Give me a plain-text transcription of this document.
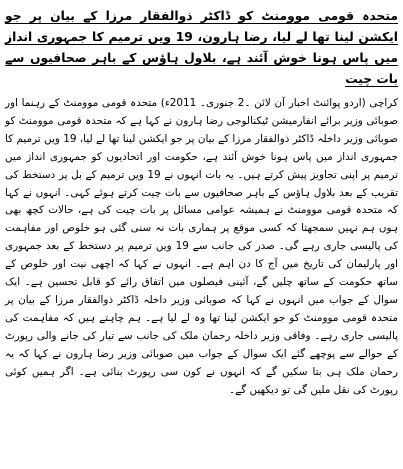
متحدہ قومی موومنٹ کو ڈاکٹر ذوالفقار مرزا کے بیان پر جو ایکشن لینا تھا لے لیا، رضا ہارون، 19 ویں ترمیم کا جمہوری انداز میں پاس ہونا خوش آئند ہے، بلاول ہاؤس کے باہر صحافیوں سے بات چیت

کراچی (اردو پوائنٹ اخبار آن لائن ۔2 جنوری۔ 2011ء) متحدہ قومی موومنٹ کے رہنما اور صوبائی وزیر برائے انفارمیشن ٹیکنالوجی رضا ہارون نے کہا ہے کہ متحدہ قومی موومنٹ کو صوبائی وزیر داخلہ ڈاکٹر ذوالفقار مرزا کے بیان پر جو ایکشن لینا تھا لے لیا، 19 ویں ترمیم کا جمہوری انداز میں پاس ہونا خوش آئند ہے، حکومت اور اتحادیوں کو جمہوری انداز میں ترمیم پر اپنی تجاویز پیش کرتے ہیں۔ یہ بات انہوں نے 19 ویں ترمیم کے بل پر دستخط کی تقریب کے بعد بلاول ہاؤس کے باہر صحافیوں سے بات چیت کرتے ہوئے کہی۔ انہوں نے کہا کہ متحدہ قومی موومنٹ نے ہمیشہ عوامی مسائل پر بات چیت کی ہے، حالات کچھ بھی ہوں ہم نہیں سمجھتا کہ کسی موقع پر ہماری بات نہ سنی گئی ہو خلوص اور مفاہمت کی پالیسی جاری رہے گی۔ صدر کی جانب سے 19 ویں ترمیم پر دستخط کے بعد جمہوری اور پارلیمان کی تاریخ میں آج کا دن اہم ہے۔ انہوں نے کہا کہ اچھی نیت اور خلوص کے ساتھ حکومت کے ساتھ چلیں گے، آئینی فیصلوں میں اتفاق رائے کو قابل تحسین ہے۔ ایک سوال کے جواب میں انہوں نے کہا کہ صوبائی وزیر داخلہ ڈاکٹر ذوالفقار مرزا کے بیان پر متحدہ قومی موومنٹ کو جو ایکشن لینا تھا وہ لے لیا ہے۔ ہم چاہتے ہیں کہ مفاہمت کی پالیسی جاری رہے۔ وفاقی وزیر داخلہ رحمان ملک کی جانب سے تیار کی جانے والی رپورٹ کے حوالے سے پوچھے گئے ایک سوال کے جواب میں صوبائی وزیر رضا ہارون نے کہا کہ یہ رحمان ملک ہی بتا سکیں گے کہ انہوں نے کون سی رپورٹ بنائی ہے۔ اگر ہمیں کوئی رپورٹ کی نقل ملیں گی تو دیکھیں گے۔
